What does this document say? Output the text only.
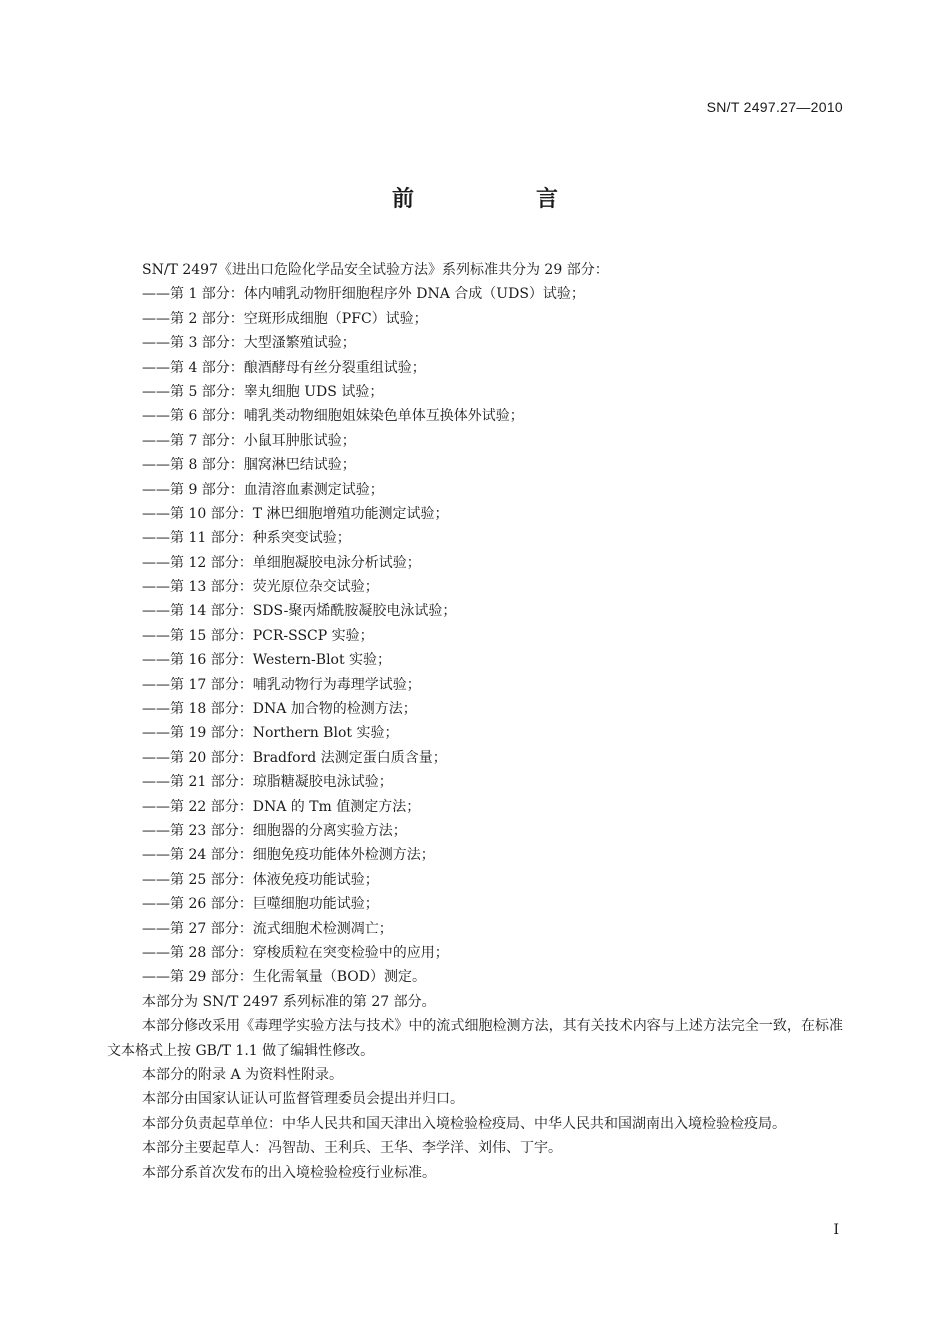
SN/T 2497.27—2010
前　言
SN/T 2497《进出口危险化学品安全试验方法》系列标准共分为 29 部分：
——第 1 部分：体内哺乳动物肝细胞程序外 DNA 合成（UDS）试验；
——第 2 部分：空斑形成细胞（PFC）试验；
——第 3 部分：大型溞繁殖试验；
——第 4 部分：酿酒酵母有丝分裂重组试验；
——第 5 部分：睾丸细胞 UDS 试验；
——第 6 部分：哺乳类动物细胞姐妹染色单体互换体外试验；
——第 7 部分：小鼠耳肿胀试验；
——第 8 部分：腘窝淋巴结试验；
——第 9 部分：血清溶血素测定试验；
——第 10 部分：T 淋巴细胞增殖功能测定试验；
——第 11 部分：种系突变试验；
——第 12 部分：单细胞凝胶电泳分析试验；
——第 13 部分：荧光原位杂交试验；
——第 14 部分：SDS-聚丙烯酰胺凝胶电泳试验；
——第 15 部分：PCR-SSCP 实验；
——第 16 部分：Western-Blot 实验；
——第 17 部分：哺乳动物行为毒理学试验；
——第 18 部分：DNA 加合物的检测方法；
——第 19 部分：Northern Blot 实验；
——第 20 部分：Bradford 法测定蛋白质含量；
——第 21 部分：琼脂糖凝胶电泳试验；
——第 22 部分：DNA 的 Tm 值测定方法；
——第 23 部分：细胞器的分离实验方法；
——第 24 部分：细胞免疫功能体外检测方法；
——第 25 部分：体液免疫功能试验；
——第 26 部分：巨噬细胞功能试验；
——第 27 部分：流式细胞术检测凋亡；
——第 28 部分：穿梭质粒在突变检验中的应用；
——第 29 部分：生化需氧量（BOD）测定。
本部分为 SN/T 2497 系列标准的第 27 部分。
本部分修改采用《毒理学实验方法与技术》中的流式细胞检测方法，其有关技术内容与上述方法完全一致，在标准文本格式上按 GB/T 1.1 做了编辑性修改。
本部分的附录 A 为资料性附录。
本部分由国家认证认可监督管理委员会提出并归口。
本部分负责起草单位：中华人民共和国天津出入境检验检疫局、中华人民共和国湖南出入境检验检疫局。
本部分主要起草人：冯智劼、王利兵、王华、李学洋、刘伟、丁宇。
本部分系首次发布的出入境检验检疫行业标准。
I
